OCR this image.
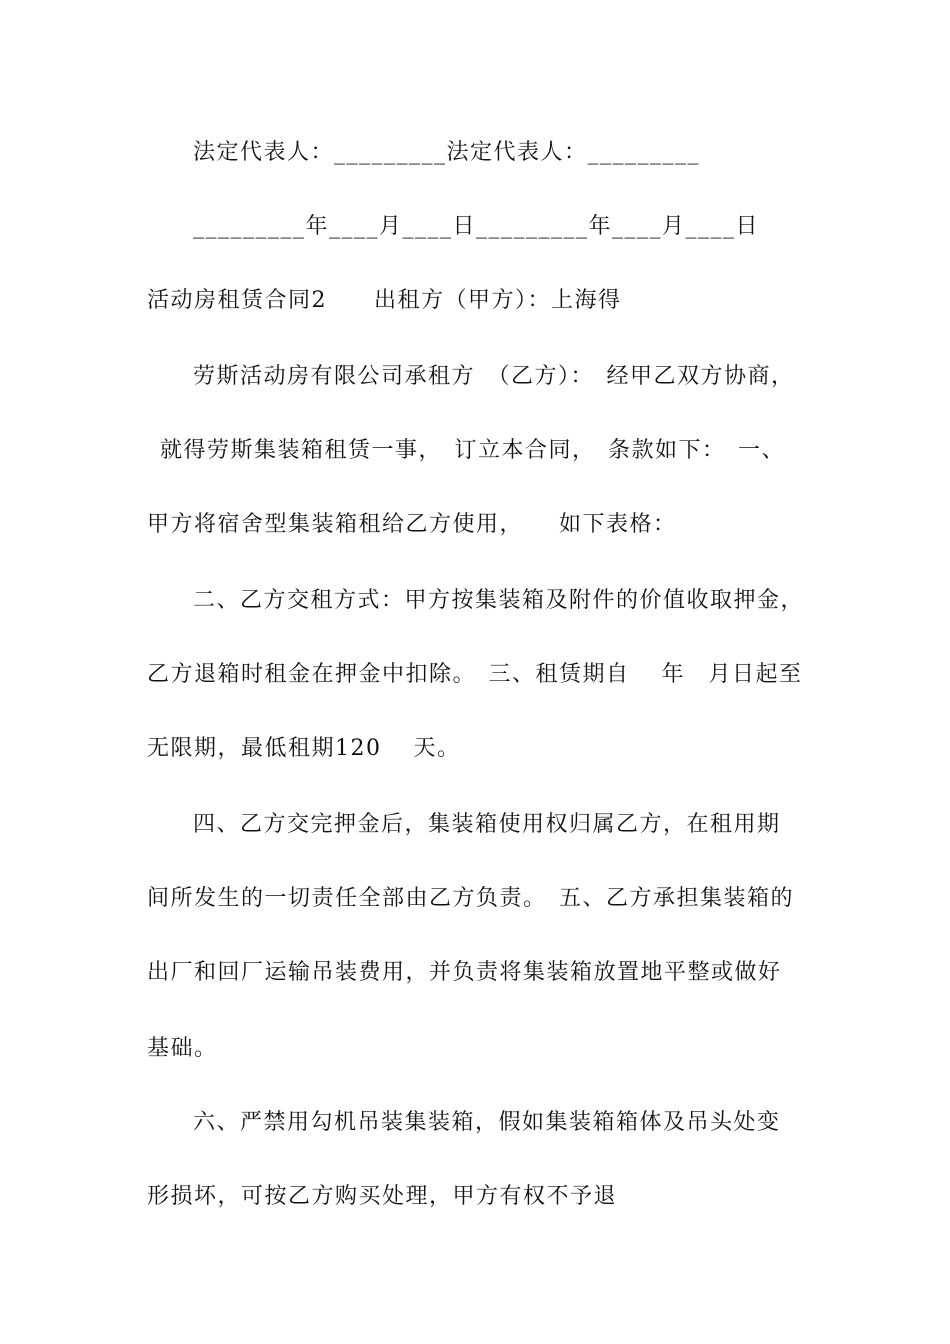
法定代表人：_________法定代表人：_________
_________年____月____日_________年____月____日
活动房租赁合同2　　出租方（甲方）：上海得
劳斯活动房有限公司承租方　（乙方）：　经甲乙双方协商，
就得劳斯集装箱租赁一事，　订立本合同，　条款如下：　一、
甲方将宿舍型集装箱租给乙方使用，　　如下表格：
二、乙方交租方式：甲方按集装箱及附件的价值收取押金，
乙方退箱时租金在押金中扣除。　三、租赁期自　 年　月日起至
无限期，最低租期120　 天。
四、乙方交完押金后，集装箱使用权归属乙方，在租用期
间所发生的一切责任全部由乙方负责。　五、乙方承担集装箱的
出厂和回厂运输吊装费用，并负责将集装箱放置地平整或做好
基础。
六、严禁用勾机吊装集装箱，假如集装箱箱体及吊头处变
形损坏，可按乙方购买处理，甲方有权不予退
